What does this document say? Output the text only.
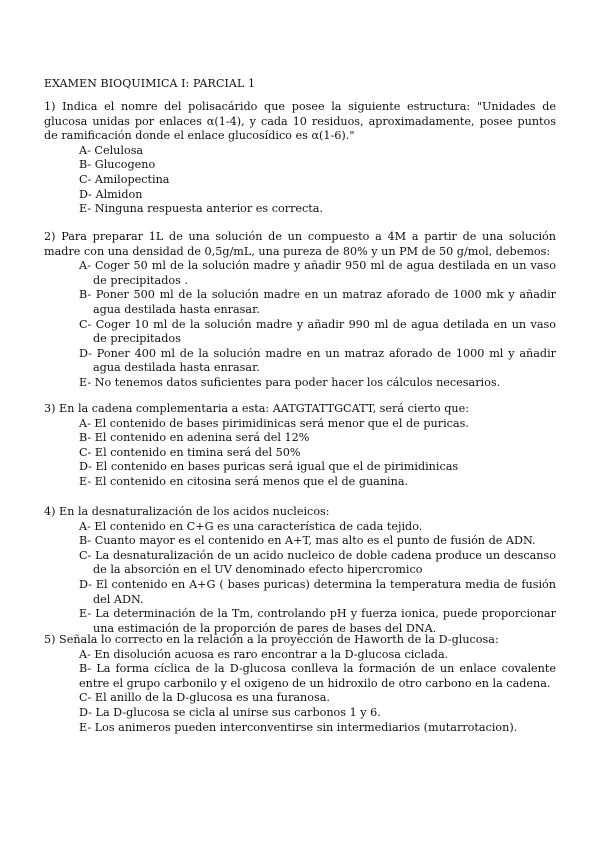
EXAMEN BIOQUIMICA I: PARCIAL 1
1) Indica el nomre del polisacárido que posee la siguiente estructura: "Unidades de glucosa unidas por enlaces α(1-4), y cada 10 residuos, aproximadamente, posee puntos de ramificación donde el enlace glucosídico es α(1-6)."
A- Celulosa
B- Glucogeno
C- Amilopectina
D- Almidon
E- Ninguna respuesta anterior es correcta.
2) Para preparar 1L de una solución de un compuesto a 4M a partir de una solución madre con una densidad de 0,5g/mL, una pureza de 80% y un PM de 50 g/mol, debemos:
A- Coger 50 ml de la solución madre y añadir 950 ml de agua destilada en un vaso de precipitados .
B- Poner 500 ml de la solución madre en un matraz aforado de 1000 mk y añadir agua destilada hasta enrasar.
C- Coger 10 ml de la solución madre y añadir 990 ml de agua detilada en un vaso de precipitados
D- Poner 400 ml de la solución madre en un matraz aforado de 1000 ml y añadir agua destilada hasta enrasar.
E- No tenemos datos suficientes para poder hacer los cálculos necesarios.
3) En la cadena complementaria a esta: AATGTATTGCATT, será cierto que:
A- El contenido de bases pirimidinicas será menor que el de puricas.
B- El contenido en adenina será del 12%
C- El contenido en timina será del 50%
D- El contenido en bases puricas será igual que el de pirimidinicas
E- El contenido en citosina será menos que el de guanina.
4) En la desnaturalización de los acidos nucleicos:
A- El contenido en C+G es una característica de cada tejido.
B- Cuanto mayor es el contenido en A+T, mas alto es el punto de fusión de ADN.
C- La desnaturalización de un acido nucleico de doble cadena produce un descanso de la absorción en el UV denominado efecto hipercromico
D- El contenido en A+G ( bases puricas) determina la temperatura media de fusión del ADN.
E- La determinación de la Tm, controlando pH y fuerza ionica, puede proporcionar una estimación de la proporción de pares de bases del DNA.
5) Señala lo correcto en la relación a la proyección de Haworth de la D-glucosa:
A- En disolución acuosa es raro encontrar a la D-glucosa ciclada.
B- La forma cíclica de la D-glucosa conlleva la formación de un enlace covalente entre el grupo carbonilo y el oxigeno de un hidroxilo de otro carbono en la cadena.
C- El anillo de la D-glucosa es una furanosa.
D- La D-glucosa se cicla al unirse sus carbonos 1 y 6.
E- Los animeros pueden interconventirse sin intermediarios (mutarrotacion).
